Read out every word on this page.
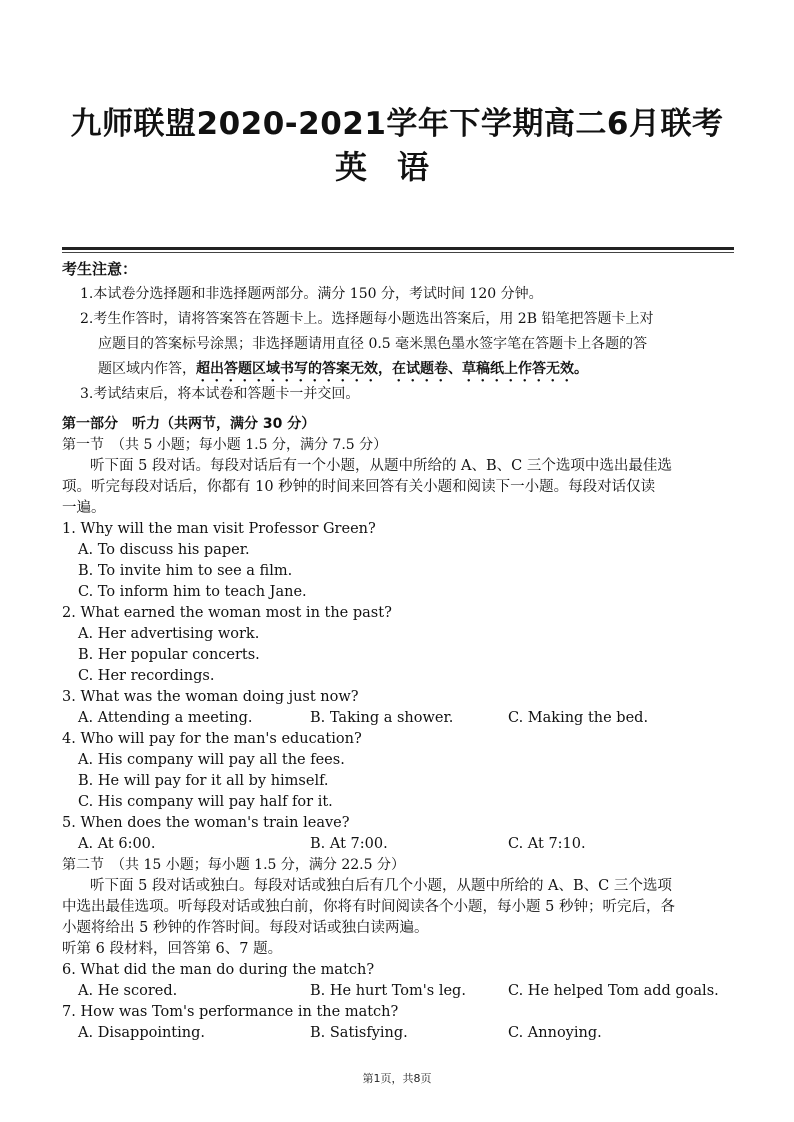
九师联盟2020-2021学年下学期高二6月联考
英语
考生注意：
1.本试卷分选择题和非选择题两部分。满分 150 分，考试时间 120 分钟。
2.考生作答时，请将答案答在答题卡上。选择题每小题选出答案后，用 2B 铅笔把答题卡上对
应题目的答案标号涂黑；非选择题请用直径 0.5 毫米黑色墨水签字笔在答题卡上各题的答
题区域内作答，超出答题区域书写的答案无效，在试题卷、草稿纸上作答无效。
3.考试结束后，将本试卷和答题卡一并交回。
第一部分　听力（共两节，满分 30 分）
第一节　（共 5 小题；每小题 1.5 分，满分 7.5 分）
听下面 5 段对话。每段对话后有一个小题，从题中所给的 A、B、C 三个选项中选出最佳选
项。听完每段对话后，你都有 10 秒钟的时间来回答有关小题和阅读下一小题。每段对话仅读
一遍。
1. Why will the man visit Professor Green?
A. To discuss his paper.
B. To invite him to see a film.
C. To inform him to teach Jane.
2. What earned the woman most in the past?
A. Her advertising work.
B. Her popular concerts.
C. Her recordings.
3. What was the woman doing just now?
A. Attending a meeting.	B. Taking a shower.	C. Making the bed.
4. Who will pay for the man's education?
A. His company will pay all the fees.
B. He will pay for it all by himself.
C. His company will pay half for it.
5. When does the woman's train leave?
A. At 6:00.	B. At 7:00.	C. At 7:10.
第二节　（共 15 小题；每小题 1.5 分，满分 22.5 分）
听下面 5 段对话或独白。每段对话或独白后有几个小题，从题中所给的 A、B、C 三个选项
中选出最佳选项。听每段对话或独白前，你将有时间阅读各个小题，每小题 5 秒钟；听完后，各
小题将给出 5 秒钟的作答时间。每段对话或独白读两遍。
听第 6 段材料，回答第 6、7 题。
6. What did the man do during the match?
A. He scored.	B. He hurt Tom's leg.	C. He helped Tom add goals.
7. How was Tom's performance in the match?
A. Disappointing.	B. Satisfying.	C. Annoying.
第1页，共8页
